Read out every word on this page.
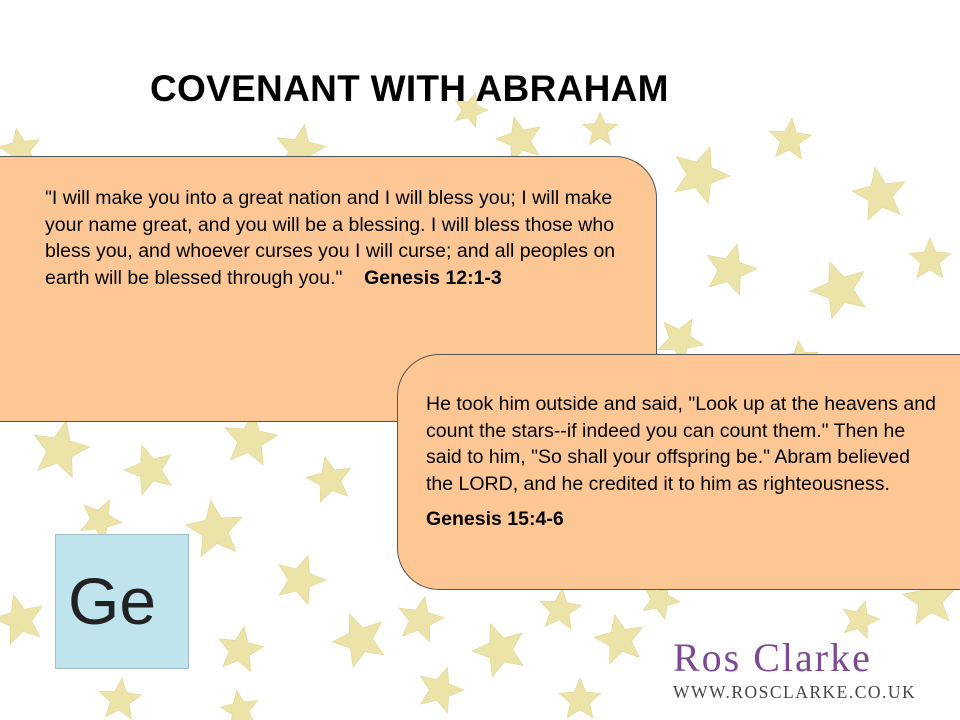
COVENANT WITH ABRAHAM
"I will make you into a great nation and I will bless you; I will make your name great, and you will be a blessing. I will bless those who bless you, and whoever curses you I will curse; and all peoples on earth will be blessed through you." Genesis 12:1-3
He took him outside and said, "Look up at the heavens and count the stars--if indeed you can count them." Then he said to him, "So shall your offspring be." Abram believed the LORD, and he credited it to him as righteousness.
Genesis 15:4-6
Ge
Ros Clarke
WWW.ROSCLARKE.CO.UK
